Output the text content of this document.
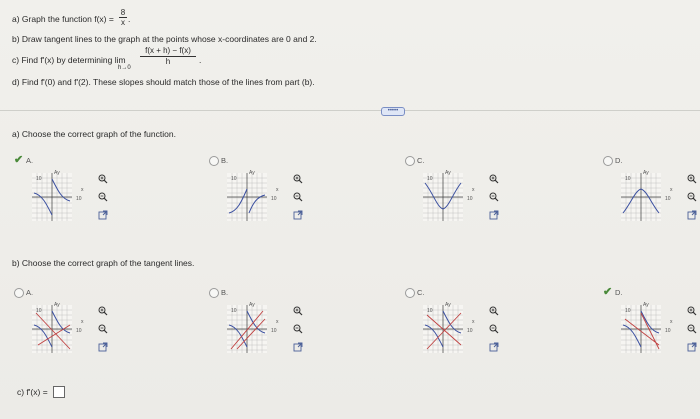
a) Graph the function f(x) =
8
x .
b) Draw tangent lines to the graph at the points whose x-coordinates are 0 and 2.
c) Find f'(x) by determining lim
h→0
f(x + h) − f(x)
h	.
d) Find f'(0) and f'(2). These slopes should match those of the lines from part (b).
•••••
a) Choose the correct graph of the function.
b) Choose the correct graph of the tangent lines.
c) f'(x) =
✔ A.
Ay
10
10
x
B.
Ay
10
10
x
C.
Ay
10
10
x
D.
Ay
10
10
x
A.
Ay
10
10
x
B.
Ay
10
10
x
C.
Ay
10
10
x
✔ D.
Ay
10
10
x
